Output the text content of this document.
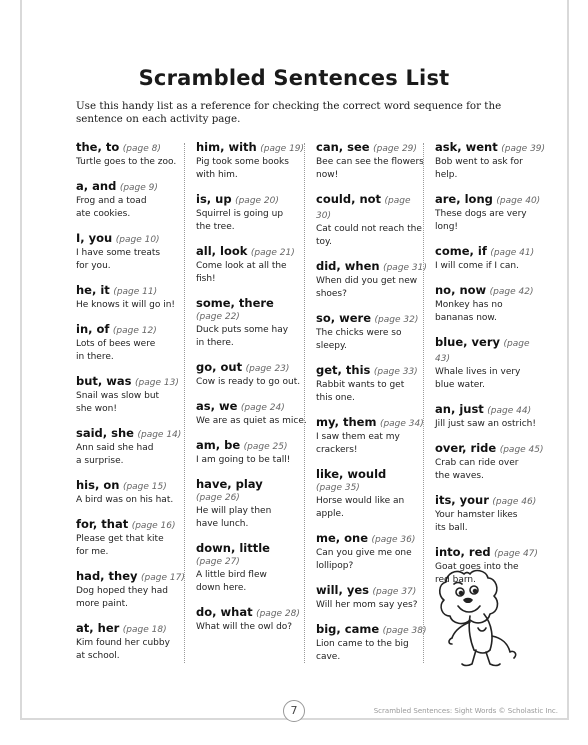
Scrambled Sentences List
Use this handy list as a reference for checking the correct word sequence for the sentence on each activity page.
the, to (page 8)
Turtle goes to the zoo.
a, and (page 9)
Frog and a toad
ate cookies.
I, you (page 10)
I have some treats
for you.
he, it (page 11)
He knows it will go in!
in, of (page 12)
Lots of bees were
in there.
but, was (page 13)
Snail was slow but
she won!
said, she (page 14)
Ann said she had
a surprise.
his, on (page 15)
A bird was on his hat.
for, that (page 16)
Please get that kite
for me.
had, they (page 17)
Dog hoped they had
more paint.
at, her (page 18)
Kim found her cubby
at school.
him, with (page 19)
Pig took some books
with him.
is, up (page 20)
Squirrel is going up
the tree.
all, look (page 21)
Come look at all the fish!
some, there
(page 22)
Duck puts some hay
in there.
go, out (page 23)
Cow is ready to go out.
as, we (page 24)
We are as quiet as mice.
am, be (page 25)
I am going to be tall!
have, play
(page 26)
He will play then
have lunch.
down, little
(page 27)
A little bird flew
down here.
do, what (page 28)
What will the owl do?
can, see (page 29)
Bee can see the flowers
now!
could, not (page 30)
Cat could not reach the
toy.
did, when (page 31)
When did you get new
shoes?
so, were (page 32)
The chicks were so sleepy.
get, this (page 33)
Rabbit wants to get
this one.
my, them (page 34)
I saw them eat my
crackers!
like, would
(page 35)
Horse would like an apple.
me, one (page 36)
Can you give me one
lollipop?
will, yes (page 37)
Will her mom say yes?
big, came (page 38)
Lion came to the big cave.
ask, went (page 39)
Bob went to ask for help.
are, long (page 40)
These dogs are very long!
come, if (page 41)
I will come if I can.
no, now (page 42)
Monkey has no
bananas now.
blue, very (page 43)
Whale lives in very
blue water.
an, just (page 44)
Jill just saw an ostrich!
over, ride (page 45)
Crab can ride over
the waves.
its, your (page 46)
Your hamster likes
its ball.
into, red (page 47)
Goat goes into the
red barn.
7	Scrambled Sentences: Sight Words © Scholastic Inc.
